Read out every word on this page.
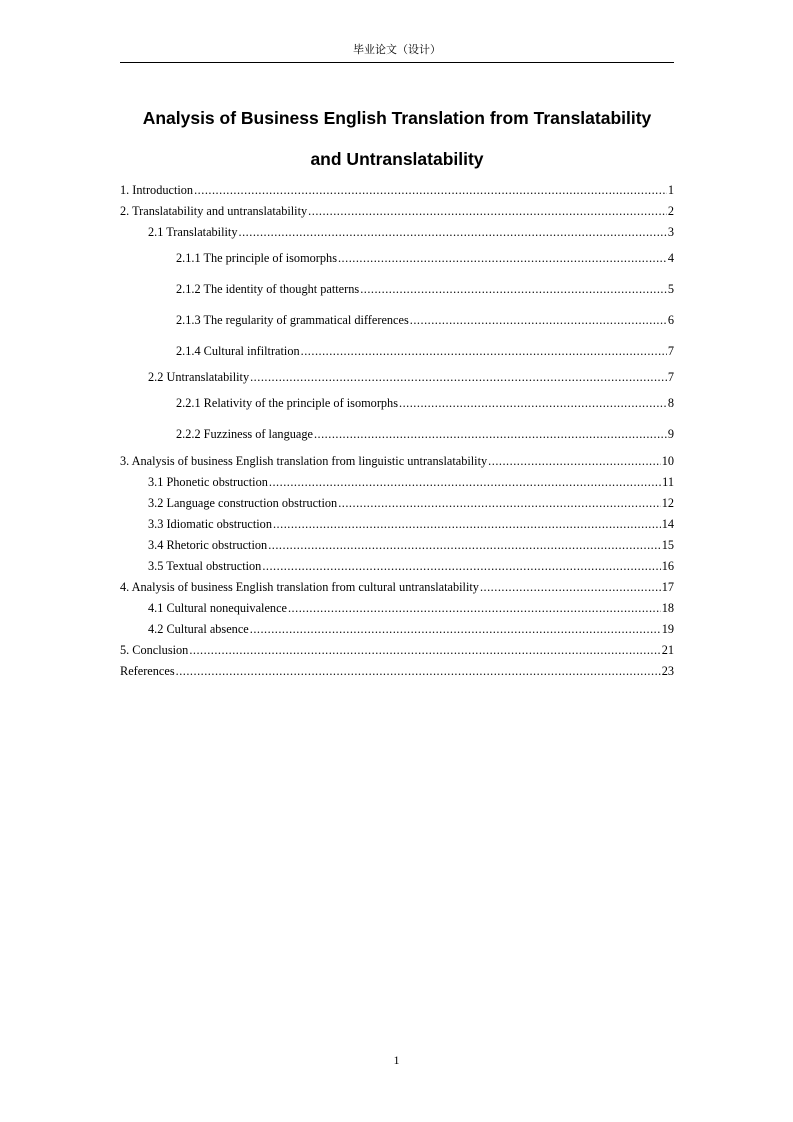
毕业论文（设计）
Analysis of Business English Translation from Translatability
and Untranslatability
1. Introduction .....	1
2. Translatability and untranslatability .....	2
2.1 Translatability .....	3
2.1.1 The principle of isomorphs .....	4
2.1.2 The identity of thought patterns .....	5
2.1.3 The regularity of grammatical differences .....	6
2.1.4 Cultural infiltration .....	7
2.2 Untranslatability .....	7
2.2.1 Relativity of the principle of isomorphs .....	8
2.2.2 Fuzziness of language .....	9
3. Analysis of business English translation from linguistic untranslatability .....	10
3.1 Phonetic obstruction .....	11
3.2 Language construction obstruction .....	12
3.3 Idiomatic obstruction .....	14
3.4 Rhetoric obstruction .....	15
3.5 Textual obstruction .....	16
4. Analysis of business English translation from cultural untranslatability .....	17
4.1 Cultural nonequivalence .....	18
4.2 Cultural absence .....	19
5. Conclusion .....	21
References .....	23
1
